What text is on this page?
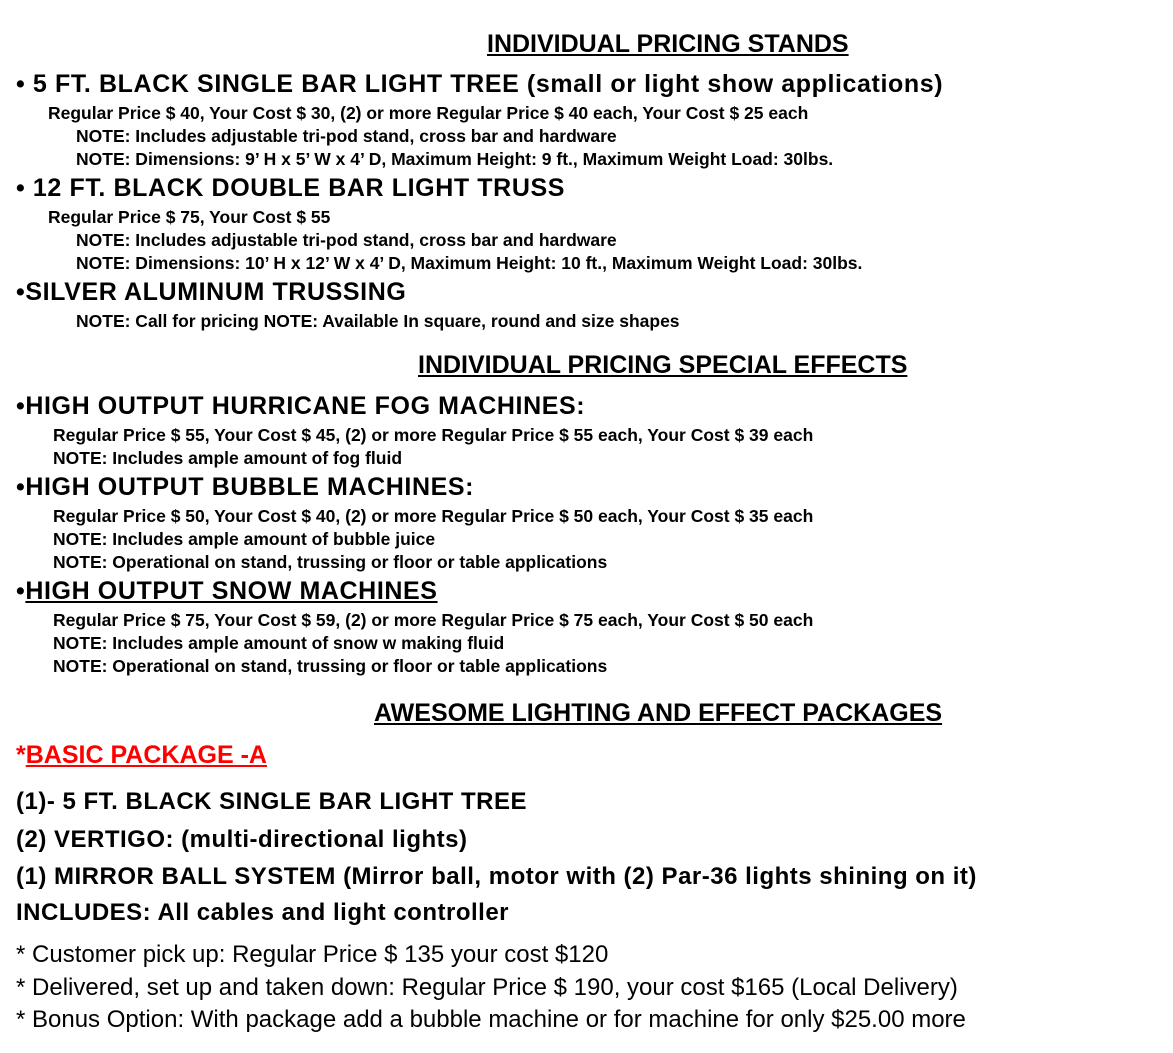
INDIVIDUAL PRICING STANDS
• 5 FT. BLACK SINGLE BAR LIGHT TREE (small or light show applications)
Regular Price $ 40, Your Cost $ 30, (2) or more Regular Price $ 40 each, Your Cost $ 25 each
NOTE: Includes adjustable tri-pod stand, cross bar and hardware
NOTE: Dimensions: 9’ H x 5’ W x 4’ D, Maximum Height: 9 ft., Maximum Weight Load: 30lbs.
• 12 FT. BLACK DOUBLE BAR LIGHT TRUSS
Regular Price $ 75, Your Cost $ 55
NOTE: Includes adjustable tri-pod stand, cross bar and hardware
NOTE: Dimensions: 10’ H x 12’ W x 4’ D, Maximum Height: 10 ft., Maximum Weight Load: 30lbs.
•SILVER ALUMINUM TRUSSING
NOTE: Call for pricing NOTE: Available In square, round and size shapes
INDIVIDUAL PRICING SPECIAL EFFECTS
•HIGH OUTPUT HURRICANE FOG MACHINES:
Regular Price $ 55, Your Cost $ 45, (2) or more Regular Price $ 55 each, Your Cost $ 39 each
NOTE: Includes ample amount of fog fluid
•HIGH OUTPUT BUBBLE MACHINES:
Regular Price $ 50, Your Cost $ 40, (2) or more Regular Price $ 50 each, Your Cost $ 35 each
NOTE: Includes ample amount of bubble juice
NOTE: Operational on stand, trussing or floor or table applications
•HIGH OUTPUT SNOW MACHINES
Regular Price $ 75, Your Cost $ 59, (2) or more Regular Price $ 75 each, Your Cost $ 50 each
NOTE: Includes ample amount of snow w making fluid
NOTE: Operational on stand, trussing or floor or table applications
AWESOME LIGHTING AND EFFECT PACKAGES
*BASIC PACKAGE -A
(1)- 5 FT. BLACK SINGLE BAR LIGHT TREE
(2) VERTIGO: (multi-directional lights)
(1) MIRROR BALL SYSTEM (Mirror ball, motor with (2) Par-36 lights shining on it)
INCLUDES: All cables and light controller
* Customer pick up: Regular Price $ 135 your cost $120
* Delivered, set up and taken down: Regular Price $ 190, your cost $165 (Local Delivery)
* Bonus Option: With package add a bubble machine or for machine for only $25.00 more
